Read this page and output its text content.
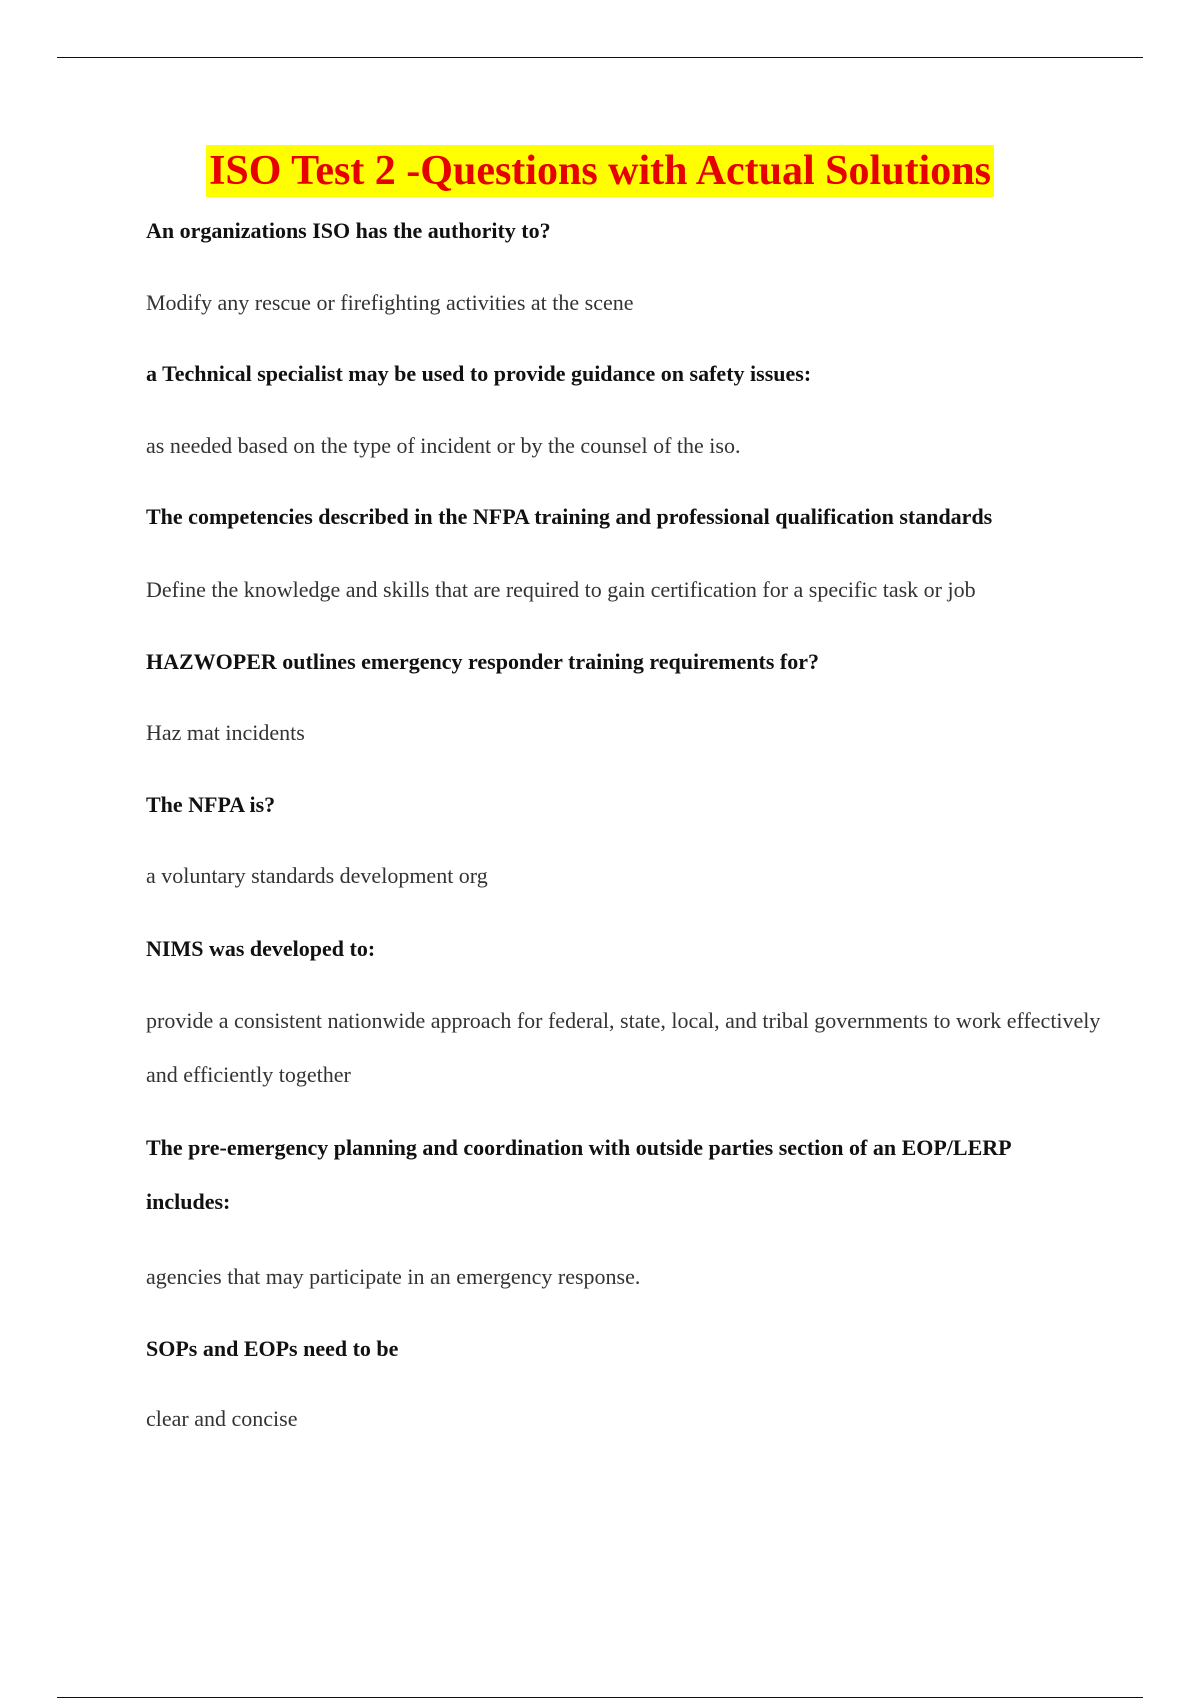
ISO Test 2 -Questions with Actual Solutions

An organizations ISO has the authority to?

Modify any rescue or firefighting activities at the scene

a Technical specialist may be used to provide guidance on safety issues:

as needed based on the type of incident or by the counsel of the iso.

The competencies described in the NFPA training and professional qualification standards

Define the knowledge and skills that are required to gain certification for a specific task or job

HAZWOPER outlines emergency responder training requirements for?

Haz mat incidents

The NFPA is?

a voluntary standards development org

NIMS was developed to:

provide a consistent nationwide approach for federal, state, local, and tribal governments to work effectively and efficiently together

The pre-emergency planning and coordination with outside parties section of an EOP/LERP includes:

agencies that may participate in an emergency response.

SOPs and EOPs need to be

clear and concise
